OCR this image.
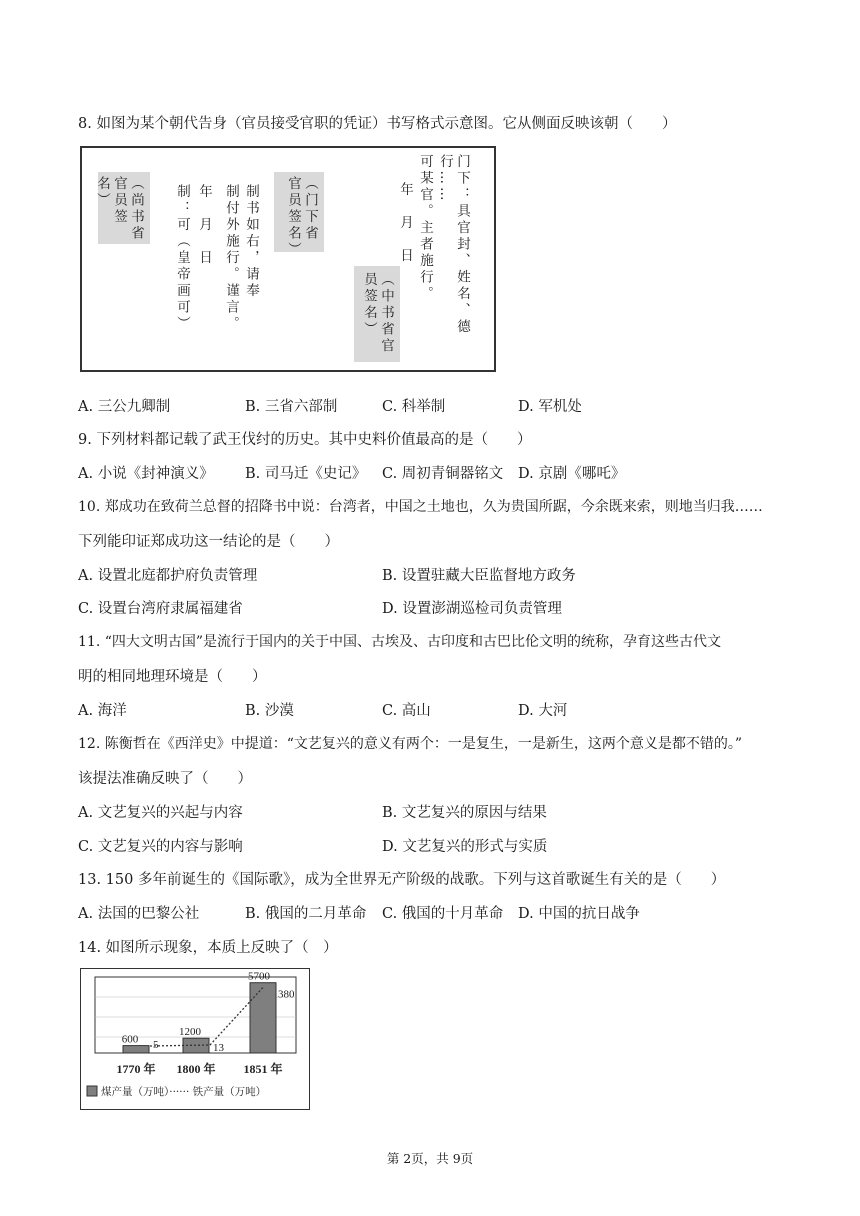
8. 如图为某个朝代告身（官员接受官职的凭证）书写格式示意图。它从侧面反映该朝（　　）
门下：具官封、姓名、德行……
可某官。主者施行。
年　月　日
（中书省官员签名）
（门下省官员签名）
制书如右，请奉
制付外施行。谨言。
年　月　日
制：可（皇帝画可）
（尚书省官员签名）
A. 三公九卿制	B. 三省六部制	C. 科举制	D. 军机处
9. 下列材料都记载了武王伐纣的历史。其中史料价值最高的是（　　）
A. 小说《封神演义》 B. 司马迁《史记》 C. 周初青铜器铭文 D. 京剧《哪吒》
10. 郑成功在致荷兰总督的招降书中说：台湾者，中国之土地也，久为贵国所踞，今余既来索，则地当归我……
下列能印证郑成功这一结论的是（　　）
A. 设置北庭都护府负责管理	B. 设置驻藏大臣监督地方政务
C. 设置台湾府隶属福建省	D. 设置澎湖巡检司负责管理
11. “四大文明古国”是流行于国内的关于中国、古埃及、古印度和古巴比伦文明的统称，孕育这些古代文
明的相同地理环境是（　　）
A. 海洋	B. 沙漠	C. 高山	D. 大河
12. 陈衡哲在《西洋史》中提道：“文艺复兴的意义有两个：一是复生，一是新生，这两个意义是都不错的。”
该提法准确反映了（　　）
A. 文艺复兴的兴起与内容	B. 文艺复兴的原因与结果
C. 文艺复兴的内容与影响	D. 文艺复兴的形式与实质
13. 150 多年前诞生的《国际歌》，成为全世界无产阶级的战歌。下列与这首歌诞生有关的是（　　）
A. 法国的巴黎公社	B. 俄国的二月革命 C. 俄国的十月革命 D. 中国的抗日战争
14. 如图所示现象，本质上反映了（　）
600
1200
5700
5	13
380
1770 年 1800 年 1851 年
煤产量（万吨）······ 铁产量（万吨）
第 2页，共 9页
